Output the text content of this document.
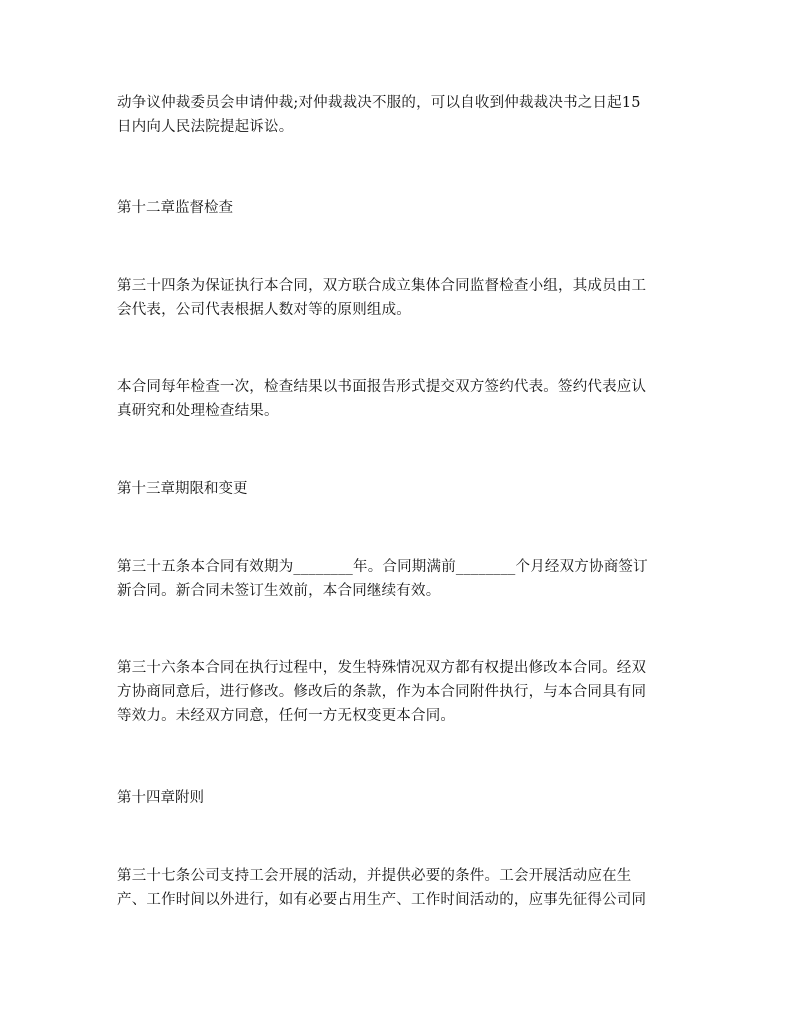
动争议仲裁委员会申请仲裁;对仲裁裁决不服的，可以自收到仲裁裁决书之日起15
日内向人民法院提起诉讼。

第十二章监督检查

第三十四条为保证执行本合同，双方联合成立集体合同监督检查小组，其成员由工
会代表，公司代表根据人数对等的原则组成。

本合同每年检查一次，检查结果以书面报告形式提交双方签约代表。签约代表应认
真研究和处理检查结果。

第十三章期限和变更

第三十五条本合同有效期为________年。合同期满前________个月经双方协商签订
新合同。新合同未签订生效前，本合同继续有效。

第三十六条本合同在执行过程中，发生特殊情况双方都有权提出修改本合同。经双
方协商同意后，进行修改。修改后的条款，作为本合同附件执行，与本合同具有同
等效力。未经双方同意，任何一方无权变更本合同。

第十四章附则

第三十七条公司支持工会开展的活动，并提供必要的条件。工会开展活动应在生
产、工作时间以外进行，如有必要占用生产、工作时间活动的，应事先征得公司同
